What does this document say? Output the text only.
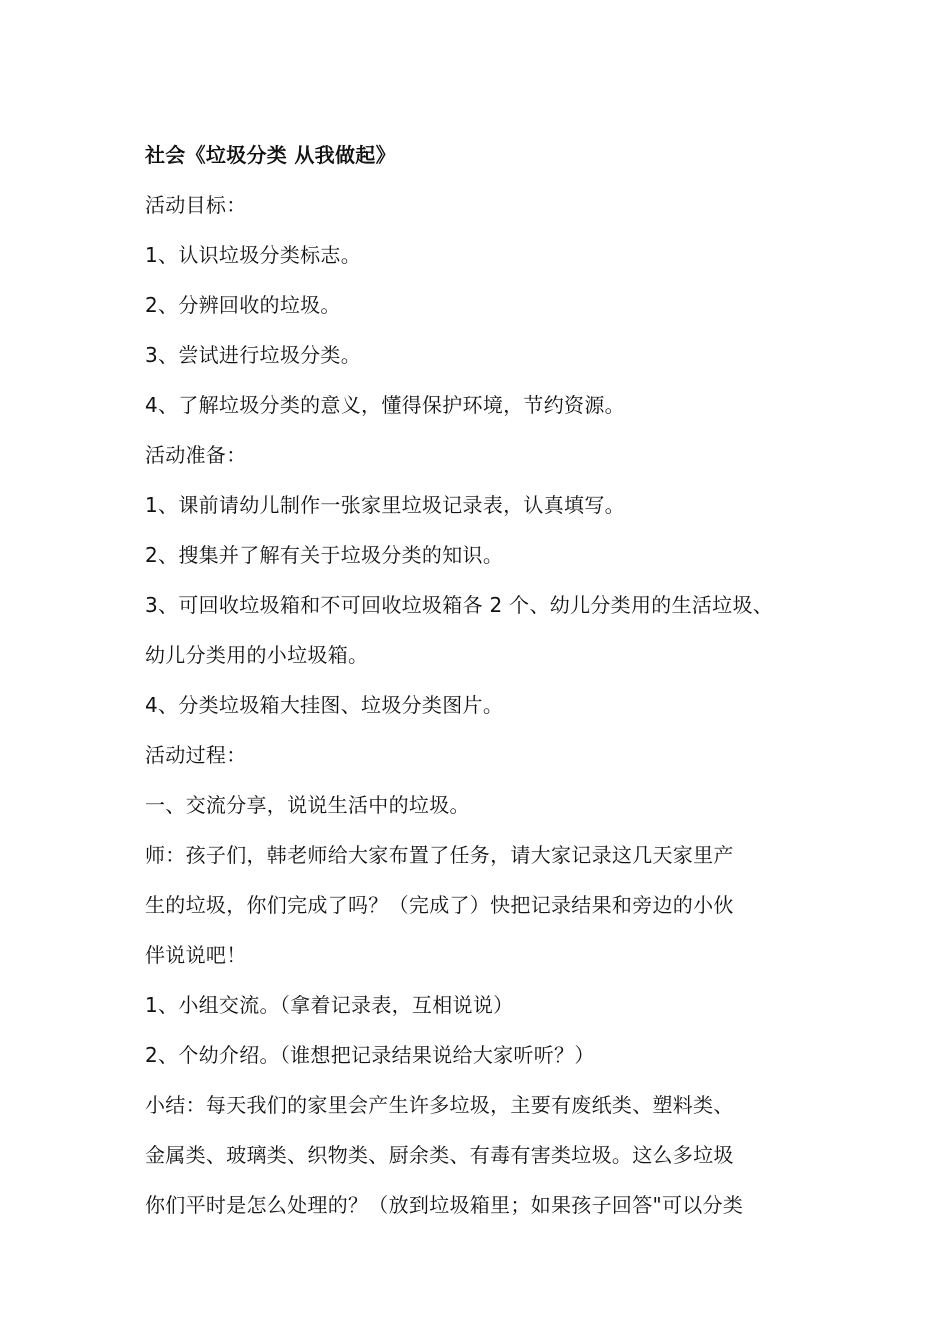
社会《垃圾分类 从我做起》
活动目标：
1、认识垃圾分类标志。
2、分辨回收的垃圾。
3、尝试进行垃圾分类。
4、了解垃圾分类的意义，懂得保护环境，节约资源。
活动准备：
1、课前请幼儿制作一张家里垃圾记录表，认真填写。
2、搜集并了解有关于垃圾分类的知识。
3、可回收垃圾箱和不可回收垃圾箱各 2 个、幼儿分类用的生活垃圾、
幼儿分类用的小垃圾箱。
4、分类垃圾箱大挂图、垃圾分类图片。
活动过程：
一、交流分享，说说生活中的垃圾。
师：孩子们，韩老师给大家布置了任务，请大家记录这几天家里产
生的垃圾，你们完成了吗？（完成了）快把记录结果和旁边的小伙
伴说说吧！
1、小组交流。（拿着记录表，互相说说）
2、个幼介绍。（谁想把记录结果说给大家听听？）
小结：每天我们的家里会产生许多垃圾，主要有废纸类、塑料类、
金属类、玻璃类、织物类、厨余类、有毒有害类垃圾。这么多垃圾
你们平时是怎么处理的？（放到垃圾箱里；如果孩子回答"可以分类
